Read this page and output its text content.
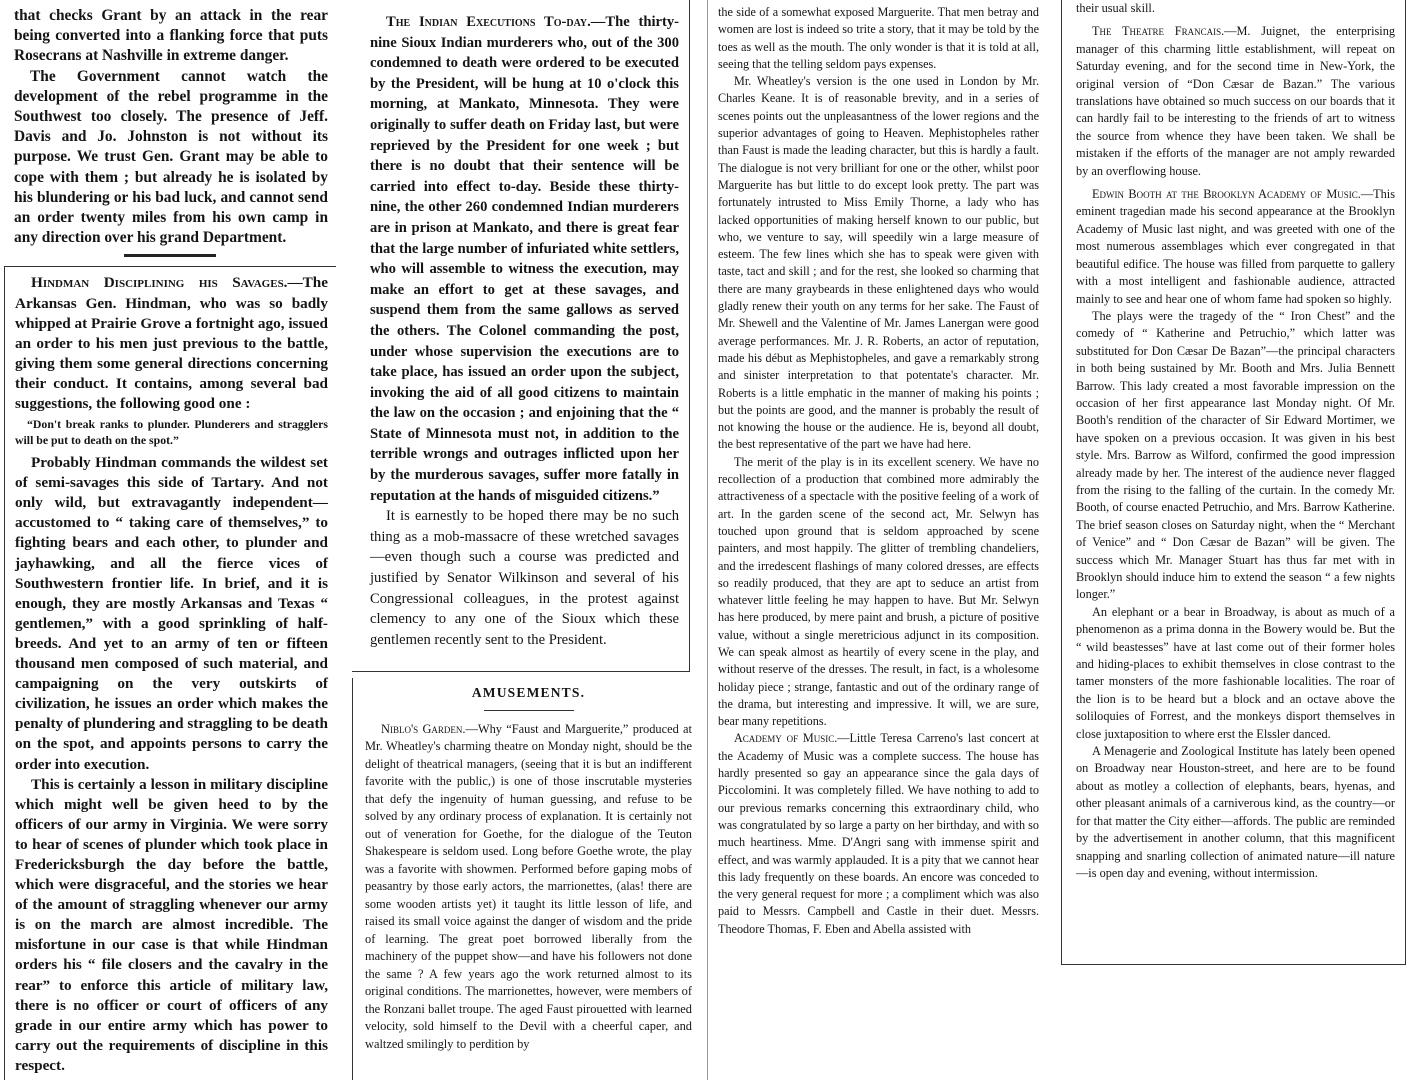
that checks Grant by an attack in the rear being converted into a flanking force that puts Rosecrans at Nashville in extreme danger.

The Government cannot watch the development of the rebel programme in the Southwest too closely. The presence of Jeff. Davis and Jo. Johnston is not without its purpose. We trust Gen. Grant may be able to cope with them ; but already he is isolated by his blundering or his bad luck, and cannot send an order twenty miles from his own camp in any direction over his grand Department.

Hindman Disciplining his Savages.—The Arkansas Gen. Hindman, who was so badly whipped at Prairie Grove a fortnight ago, issued an order to his men just previous to the battle, giving them some general directions concerning their conduct. It contains, among several bad suggestions, the following good one :

“Don't break ranks to plunder. Plunderers and stragglers will be put to death on the spot.”

Probably Hindman commands the wildest set of semi-savages this side of Tartary. And not only wild, but extravagantly independent—accustomed to “ taking care of themselves,” to fighting bears and each other, to plunder and jayhawking, and all the fierce vices of Southwestern frontier life. In brief, and it is enough, they are mostly Arkansas and Texas “ gentlemen,” with a good sprinkling of half-breeds. And yet to an army of ten or fifteen thousand men composed of such material, and campaigning on the very outskirts of civilization, he issues an order which makes the penalty of plundering and straggling to be death on the spot, and appoints persons to carry the order into execution.

This is certainly a lesson in military discipline which might well be given heed to by the officers of our army in Virginia. We were sorry to hear of scenes of plunder which took place in Fredericksburgh the day before the battle, which were disgraceful, and the stories we hear of the amount of straggling whenever our army is on the march are almost incredible. The misfortune in our case is that while Hindman orders his “ file closers and the cavalry in the rear” to enforce this article of military law, there is no officer or court of officers of any grade in our entire army which has power to carry out the requirements of discipline in this respect.

The Indian Executions To-day.—The thirty-nine Sioux Indian murderers who, out of the 300 condemned to death were ordered to be executed by the President, will be hung at 10 o'clock this morning, at Mankato, Minnesota. They were originally to suffer death on Friday last, but were reprieved by the President for one week ; but there is no doubt that their sentence will be carried into effect to-day. Beside these thirty-nine, the other 260 condemned Indian murderers are in prison at Mankato, and there is great fear that the large number of infuriated white settlers, who will assemble to witness the execution, may make an effort to get at these savages, and suspend them from the same gallows as served the others. The Colonel commanding the post, under whose supervision the executions are to take place, has issued an order upon the subject, invoking the aid of all good citizens to maintain the law on the occasion ; and enjoining that the “ State of Minnesota must not, in addition to the terrible wrongs and outrages inflicted upon her by the murderous savages, suffer more fatally in reputation at the hands of misguided citizens.”

It is earnestly to be hoped there may be no such thing as a mob-massacre of these wretched savages—even though such a course was predicted and justified by Senator Wilkinson and several of his Congressional colleagues, in the protest against clemency to any one of the Sioux which these gentlemen recently sent to the President.

AMUSEMENTS.

Niblo's Garden.—Why “Faust and Marguerite,” produced at Mr. Wheatley's charming theatre on Monday night, should be the delight of theatrical managers, (seeing that it is but an indifferent favorite with the public,) is one of those inscrutable mysteries that defy the ingenuity of human guessing, and refuse to be solved by any ordinary process of explanation. It is certainly not out of veneration for Goethe, for the dialogue of the Teuton Shakespeare is seldom used. Long before Goethe wrote, the play was a favorite with showmen. Performed before gaping mobs of peasantry by those early actors, the marrionettes, (alas! there are some wooden artists yet) it taught its little lesson of life, and raised its small voice against the danger of wisdom and the pride of learning. The great poet borrowed liberally from the machinery of the puppet show—and have his followers not done the same ? A few years ago the work returned almost to its original conditions. The marrionettes, however, were members of the Ronzani ballet troupe. The aged Faust pirouetted with learned velocity, sold himself to the Devil with a cheerful caper, and waltzed smilingly to perdition by

the side of a somewhat exposed Marguerite. That men betray and women are lost is indeed so trite a story, that it may be told by the toes as well as the mouth. The only wonder is that it is told at all, seeing that the telling seldom pays expenses.

Mr. Wheatley's version is the one used in London by Mr. Charles Keane. It is of reasonable brevity, and in a series of scenes points out the unpleasantness of the lower regions and the superior advantages of going to Heaven. Mephistopheles rather than Faust is made the leading character, but this is hardly a fault. The dialogue is not very brilliant for one or the other, whilst poor Marguerite has but little to do except look pretty. The part was fortunately intrusted to Miss Emily Thorne, a lady who has lacked opportunities of making herself known to our public, but who, we venture to say, will speedily win a large measure of esteem. The few lines which she has to speak were given with taste, tact and skill ; and for the rest, she looked so charming that there are many graybeards in these enlightened days who would gladly renew their youth on any terms for her sake. The Faust of Mr. Shewell and the Valentine of Mr. James Lanergan were good average performances. Mr. J. R. Roberts, an actor of reputation, made his début as Mephistopheles, and gave a remarkably strong and sinister interpretation to that potentate's character. Mr. Roberts is a little emphatic in the manner of making his points ; but the points are good, and the manner is probably the result of not knowing the house or the audience. He is, beyond all doubt, the best representative of the part we have had here.

The merit of the play is in its excellent scenery. We have no recollection of a production that combined more admirably the attractiveness of a spectacle with the positive feeling of a work of art. In the garden scene of the second act, Mr. Selwyn has touched upon ground that is seldom approached by scene painters, and most happily. The glitter of trembling chandeliers, and the irredescent flashings of many colored dresses, are effects so readily produced, that they are apt to seduce an artist from whatever little feeling he may happen to have. But Mr. Selwyn has here produced, by mere paint and brush, a picture of positive value, without a single meretricious adjunct in its composition. We can speak almost as heartily of every scene in the play, and without reserve of the dresses. The result, in fact, is a wholesome holiday piece ; strange, fantastic and out of the ordinary range of the drama, but interesting and impressive. It will, we are sure, bear many repetitions.

Academy of Music.—Little Teresa Carreno's last concert at the Academy of Music was a complete success. The house has hardly presented so gay an appearance since the gala days of Piccolomini. It was completely filled. We have nothing to add to our previous remarks concerning this extraordinary child, who was congratulated by so large a party on her birthday, and with so much heartiness. Mme. D'Angri sang with immense spirit and effect, and was warmly applauded. It is a pity that we cannot hear this lady frequently on these boards. An encore was conceded to the very general request for more ; a compliment which was also paid to Messrs. Campbell and Castle in their duet. Messrs. Theodore Thomas, F. Eben and Abella assisted with

their usual skill.

The Theatre Francais.—M. Juignet, the enterprising manager of this charming little establishment, will repeat on Saturday evening, and for the second time in New-York, the original version of “Don Cæsar de Bazan.” The various translations have obtained so much success on our boards that it can hardly fail to be interesting to the friends of art to witness the source from whence they have been taken. We shall be mistaken if the efforts of the manager are not amply rewarded by an overflowing house.

Edwin Booth at the Brooklyn Academy of Music.—This eminent tragedian made his second appearance at the Brooklyn Academy of Music last night, and was greeted with one of the most numerous assemblages which ever congregated in that beautiful edifice. The house was filled from parquette to gallery with a most intelligent and fashionable audience, attracted mainly to see and hear one of whom fame had spoken so highly.

The plays were the tragedy of the “ Iron Chest” and the comedy of “ Katherine and Petruchio,” which latter was substituted for Don Cæsar De Bazan”—the principal characters in both being sustained by Mr. Booth and Mrs. Julia Bennett Barrow. This lady created a most favorable impression on the occasion of her first appearance last Monday night. Of Mr. Booth's rendition of the character of Sir Edward Mortimer, we have spoken on a previous occasion. It was given in his best style. Mrs. Barrow as Wilford, confirmed the good impression already made by her. The interest of the audience never flagged from the rising to the falling of the curtain. In the comedy Mr. Booth, of course enacted Petruchio, and Mrs. Barrow Katherine. The brief season closes on Saturday night, when the “ Merchant of Venice” and “ Don Cæsar de Bazan” will be given. The success which Mr. Manager Stuart has thus far met with in Brooklyn should induce him to extend the season “ a few nights longer.”

An elephant or a bear in Broadway, is about as much of a phenomenon as a prima donna in the Bowery would be. But the “ wild beastesses” have at last come out of their former holes and hiding-places to exhibit themselves in close contrast to the tamer monsters of the more fashionable localities. The roar of the lion is to be heard but a block and an octave above the soliloquies of Forrest, and the monkeys disport themselves in close juxtaposition to where erst the Elssler danced.

A Menagerie and Zoological Institute has lately been opened on Broadway near Houston-street, and here are to be found about as motley a collection of elephants, bears, hyenas, and other pleasant animals of a carniverous kind, as the country—or for that matter the City either—affords. The public are reminded by the advertisement in another column, that this magnificent snapping and snarling collection of animated nature—ill nature—is open day and evening, without intermission.
